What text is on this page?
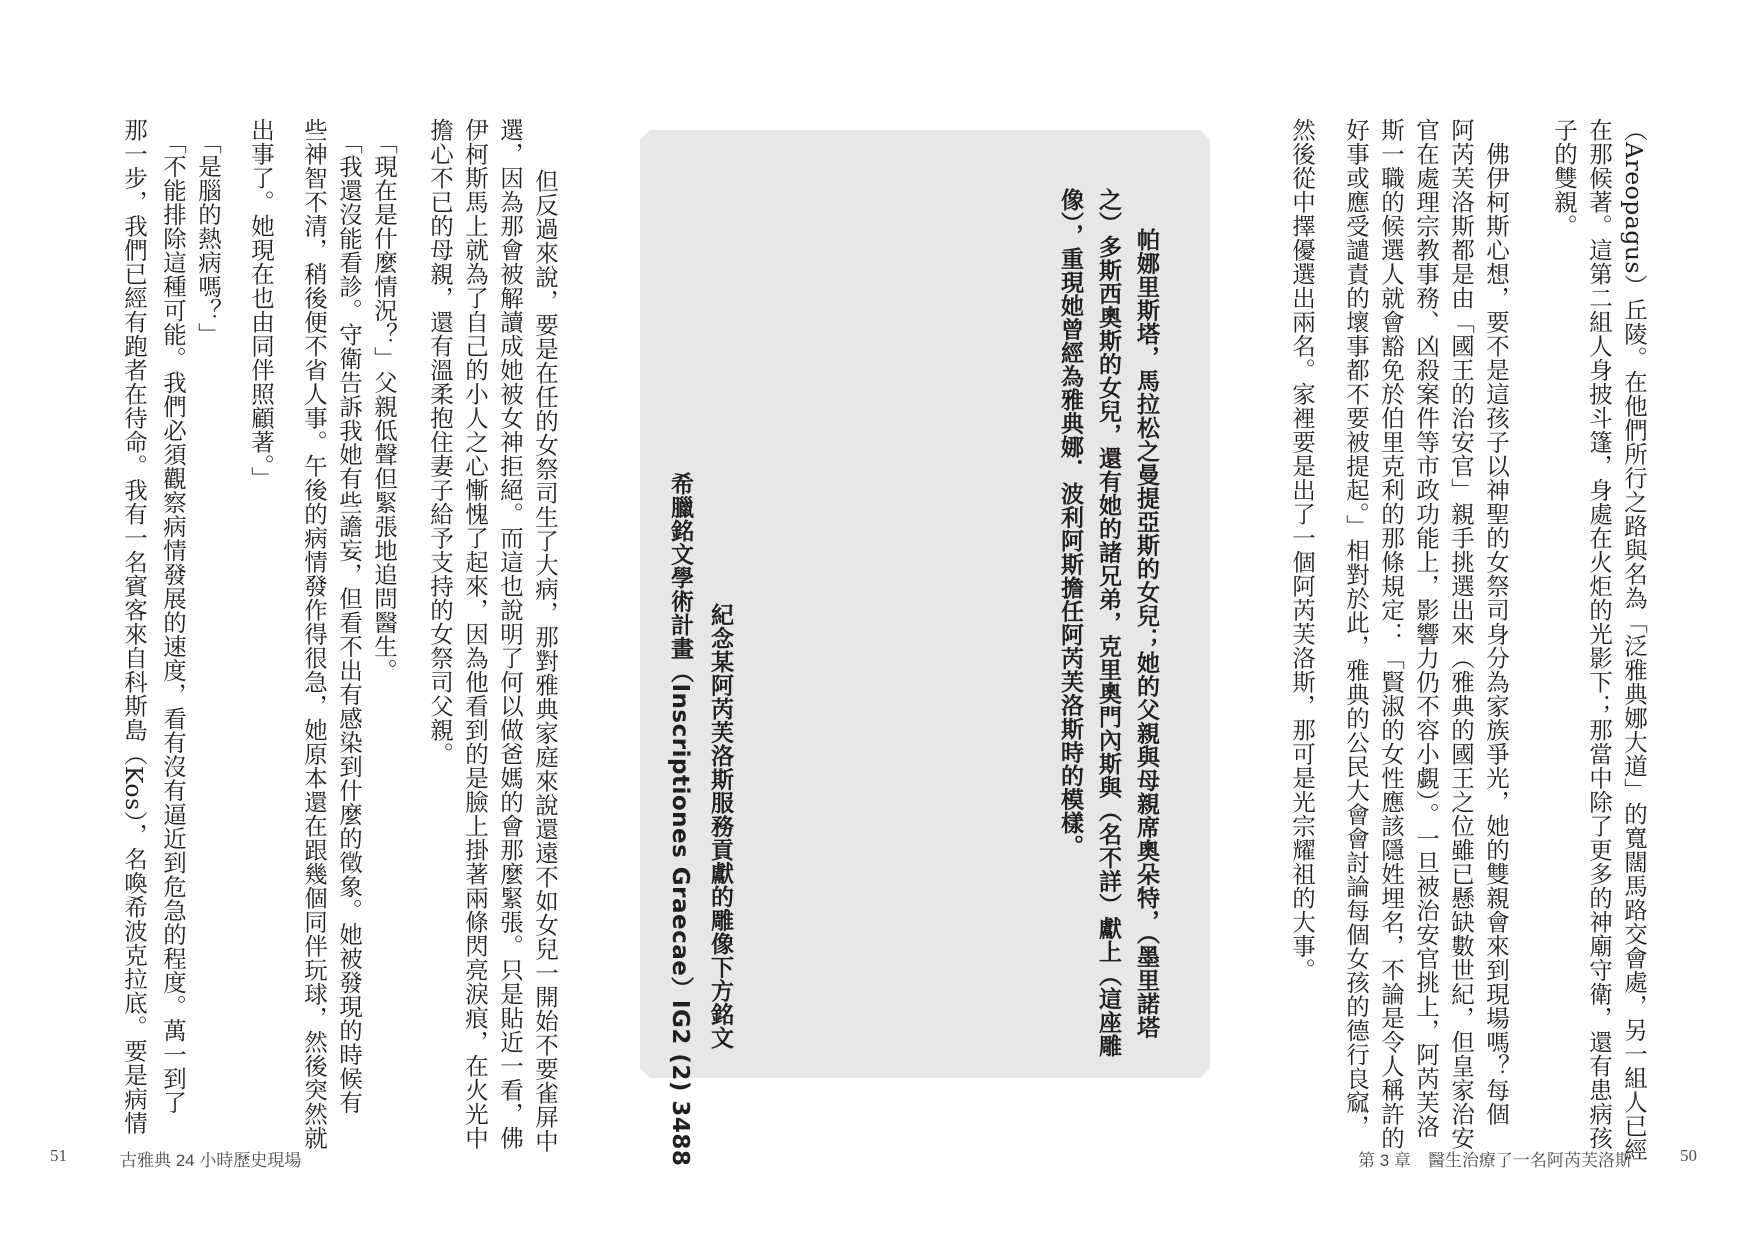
（Areopagus）丘陵。在他們所行之路與名為「泛雅典娜大道」的寬闊馬路交會處，另一組人已經
在那候著。這第二組人身披斗篷，身處在火炬的光影下；那當中除了更多的神廟守衛，還有患病孩
子的雙親。
　佛伊柯斯心想，要不是這孩子以神聖的女祭司身分為家族爭光，她的雙親會來到現場嗎？每個
阿芮芙洛斯都是由「國王的治安官」親手挑選出來（雅典的國王之位雖已懸缺數世紀，但皇家治安
官在處理宗教事務、凶殺案件等市政功能上，影響力仍不容小覷）。一旦被治安官挑上，阿芮芙洛
斯一職的候選人就會豁免於伯里克利的那條規定：「賢淑的女性應該隱姓埋名，不論是令人稱許的
好事或應受譴責的壞事都不要被提起。」相對於此，雅典的公民大會會討論每個女孩的德行良窳，
然後從中擇優選出兩名。家裡要是出了一個阿芮芙洛斯，那可是光宗耀祖的大事。
帕娜里斯塔，馬拉松之曼提亞斯的女兒；她的父親與母親席奧朵特，（墨里諾塔
之）多斯西奧斯的女兒，還有她的諸兄弟，克里奧門內斯與（名不詳）獻上（這座雕
像），重現她曾經為雅典娜．波利阿斯擔任阿芮芙洛斯時的模樣。
紀念某阿芮芙洛斯服務貢獻的雕像下方銘文
希臘銘文學術計畫（Inscriptiones Graecae）IG2 (2) 3488
　但反過來說，要是在任的女祭司生了大病，那對雅典家庭來說還遠不如女兒一開始不要雀屏中
選，因為那會被解讀成她被女神拒絕。而這也說明了何以做爸媽的會那麼緊張。只是貼近一看，佛
伊柯斯馬上就為了自己的小人之心慚愧了起來，因為他看到的是臉上掛著兩條閃亮淚痕，在火光中
擔心不已的母親，還有溫柔抱住妻子給予支持的女祭司父親。
　「現在是什麼情況？」父親低聲但緊張地追問醫生。
　「我還沒能看診。守衛告訴我她有些譫妄，但看不出有感染到什麼的徵象。她被發現的時候有
些神智不清，稍後便不省人事。午後的病情發作得很急，她原本還在跟幾個同伴玩球，然後突然就
出事了。她現在也由同伴照顧著。」
　「是腦的熱病嗎？」
　「不能排除這種可能。我們必須觀察病情發展的速度，看有沒有逼近到危急的程度。萬一到了
那一步，我們已經有跑者在待命。我有一名賓客來自科斯島（Kos），名喚希波克拉底。要是病情
51	古雅典 24 小時歷史現場	第 3 章　醫生治療了一名阿芮芙洛斯	50
